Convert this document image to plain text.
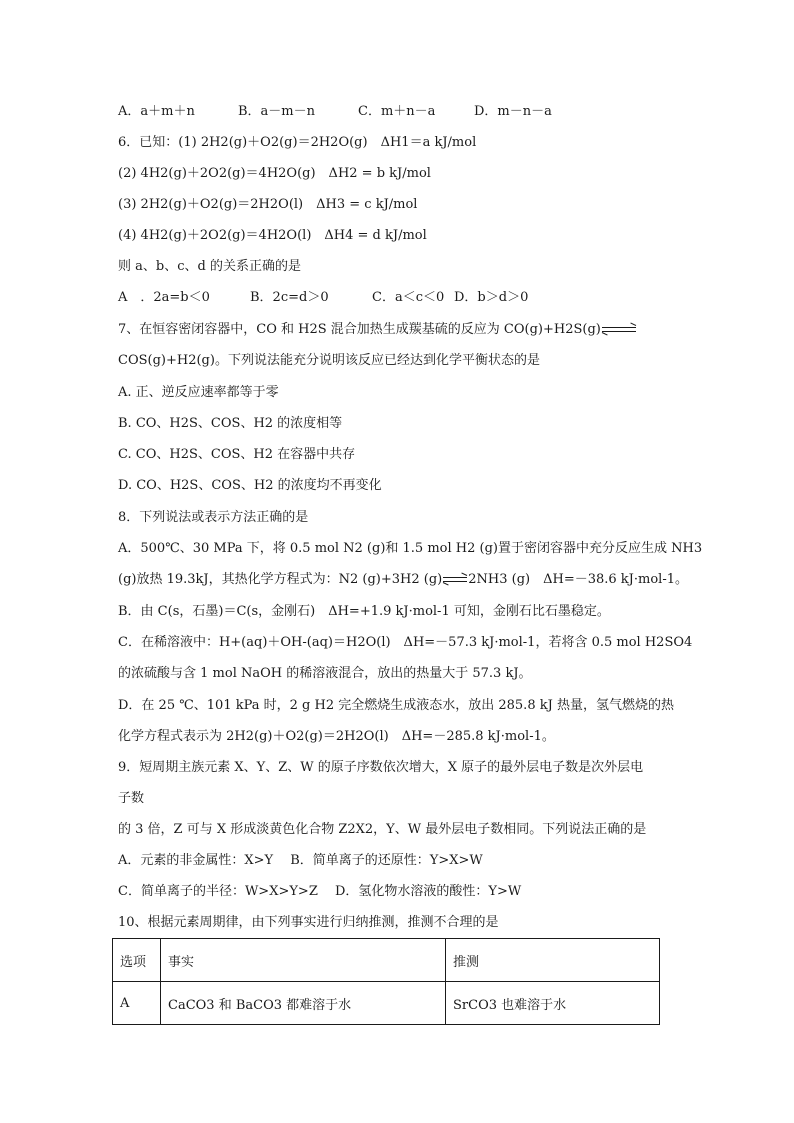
A．a＋m＋n	B．a－m－n	C．m＋n－a	D．m－n－a
6．已知：(1) 2H2(g)＋O2(g)＝2H2O(g)　ΔH1＝a kJ/mol
(2) 4H2(g)＋2O2(g)＝4H2O(g)　ΔH2 = b kJ/mol
(3) 2H2(g)＋O2(g)＝2H2O(l)　ΔH3 = c kJ/mol
(4) 4H2(g)＋2O2(g)＝4H2O(l)　ΔH4 = d kJ/mol
则 a、b、c、d 的关系正确的是
A　．2a=b＜0	B．2c=d＞0	C．a＜c＜0 D．b＞d＞0
7、在恒容密闭容器中，CO 和 H2S 混合加热生成羰基硫的反应为 CO(g)+H2S(g)
COS(g)+H2(g)。下列说法能充分说明该反应已经达到化学平衡状态的是
A. 正、逆反应速率都等于零
B. CO、H2S、COS、H2 的浓度相等
C. CO、H2S、COS、H2 在容器中共存
D. CO、H2S、COS、H2 的浓度均不再变化
8．下列说法或表示方法正确的是
A．500℃、30 MPa 下，将 0.5 mol N2 (g)和 1.5 mol H2 (g)置于密闭容器中充分反应生成 NH3
(g)放热 19.3kJ，其热化学方程式为：N2 (g)+3H2 (g) 2NH3 (g)　ΔH=－38.6 kJ·mol-1。
B．由 C(s，石墨)＝C(s，金刚石)　ΔH=+1.9 kJ·mol-1 可知，金刚石比石墨稳定。
C．在稀溶液中：H+(aq)＋OH-(aq)＝H2O(l)　ΔH=－57.3 kJ·mol-1，若将含 0.5 mol H2SO4
的浓硫酸与含 1 mol NaOH 的稀溶液混合，放出的热量大于 57.3 kJ。
D．在 25 ℃、101 kPa 时，2 g H2 完全燃烧生成液态水，放出 285.8 kJ 热量，氢气燃烧的热
化学方程式表示为 2H2(g)＋O2(g)＝2H2O(l)　ΔH=－285.8 kJ·mol-1。
9．短周期主族元素 X、Y、Z、W 的原子序数依次增大，X 原子的最外层电子数是次外层电
子数
的 3 倍，Z 可与 X 形成淡黄色化合物 Z2X2，Y、W 最外层电子数相同。下列说法正确的是
A．元素的非金属性：X>Y　 B．简单离子的还原性：Y>X>W
C．简单离子的半径：W>X>Y>Z　 D．氢化物水溶液的酸性：Y>W
10、根据元素周期律，由下列事实进行归纳推测，推测不合理的是
选项	事实	推测
A	CaCO3 和 BaCO3 都难溶于水	SrCO3 也难溶于水
